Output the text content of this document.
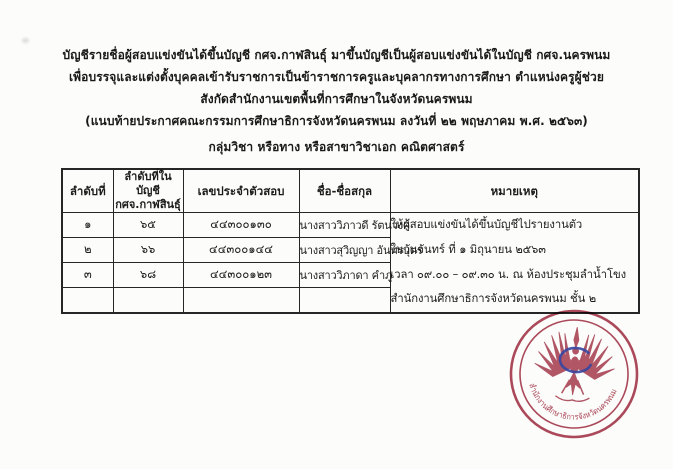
บัญชีรายชื่อผู้สอบแข่งขันได้ขึ้นบัญชี กศจ.กาฬสินธุ์ มาขึ้นบัญชีเป็นผู้สอบแข่งขันได้ในบัญชี กศจ.นครพนม
เพื่อบรรจุและแต่งตั้งบุคคลเข้ารับราชการเป็นข้าราชการครูและบุคลากรทางการศึกษา ตำแหน่งครูผู้ช่วย
สังกัดสำนักงานเขตพื้นที่การศึกษาในจังหวัดนครพนม
(แนบท้ายประกาศคณะกรรมการศึกษาธิการจังหวัดนครพนม ลงวันที่ ๒๒ พฤษภาคม พ.ศ. ๒๕๖๓)
กลุ่มวิชา หรือทาง หรือสาขาวิชาเอก คณิตศาสตร์
ลำดับที่	ลำดับที่ในบัญชี
กศจ.กาฬสินธุ์	เลขประจำตัวสอบ	ชื่อ-ชื่อสกุล	หมายเหตุ
๑	๖๕	๔๔๓๐๐๑๓๐	นางสาววิภาวดี รัตนวงค์	ให้ผู้สอบแข่งขันได้ขึ้นบัญชีไปรายงานตัว
ในวันจันทร์ ที่ ๑ มิถุนายน ๒๕๖๓
เวลา ๐๙.๐๐ – ๐๙.๓๐ น. ณ ห้องประชุมลำน้ำโขง
สำนักงานศึกษาธิการจังหวัดนครพนม ชั้น ๒

๒	๖๖	๔๔๓๐๐๑๔๔	นางสาวสุวิญญา อันทรบุตร	
๓	๖๘	๔๔๓๐๐๑๒๓	นางสาววิภาดา คำภู	

สำนักงานศึกษาธิการจังหวัดนครพนม
